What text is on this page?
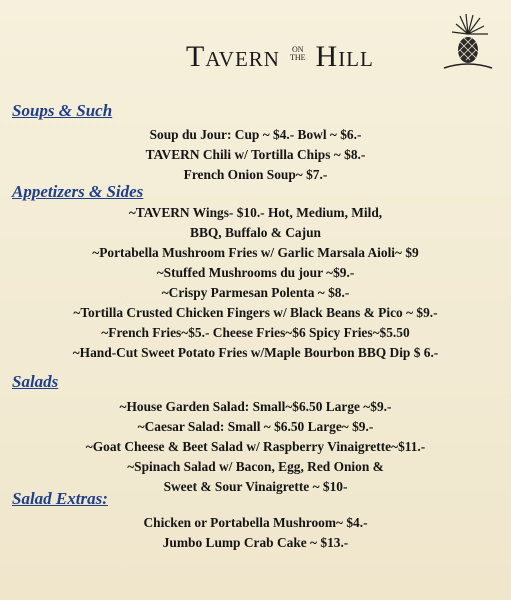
TAVERN ON
THE HILL
Soups & Such
Soup du Jour: Cup ~ $4.- Bowl ~ $6.-
TAVERN Chili w/ Tortilla Chips ~ $8.-
French Onion Soup~ $7.-
Appetizers & Sides
~TAVERN Wings- $10.- Hot, Medium, Mild,
BBQ, Buffalo & Cajun
~Portabella Mushroom Fries w/ Garlic Marsala Aioli~ $9
~Stuffed Mushrooms du jour ~$9.-
~Crispy Parmesan Polenta ~ $8.-
~Tortilla Crusted Chicken Fingers w/ Black Beans & Pico ~ $9.-
~French Fries~$5.- Cheese Fries~$6 Spicy Fries~$5.50
~Hand-Cut Sweet Potato Fries w/Maple Bourbon BBQ Dip $ 6.-
Salads
~House Garden Salad: Small~$6.50 Large ~$9.-
~Caesar Salad: Small ~ $6.50 Large~ $9.-
~Goat Cheese & Beet Salad w/ Raspberry Vinaigrette~$11.-
~Spinach Salad w/ Bacon, Egg, Red Onion &
Sweet & Sour Vinaigrette ~ $10-
Salad Extras:
Chicken or Portabella Mushroom~ $4.-
Jumbo Lump Crab Cake ~ $13.-
